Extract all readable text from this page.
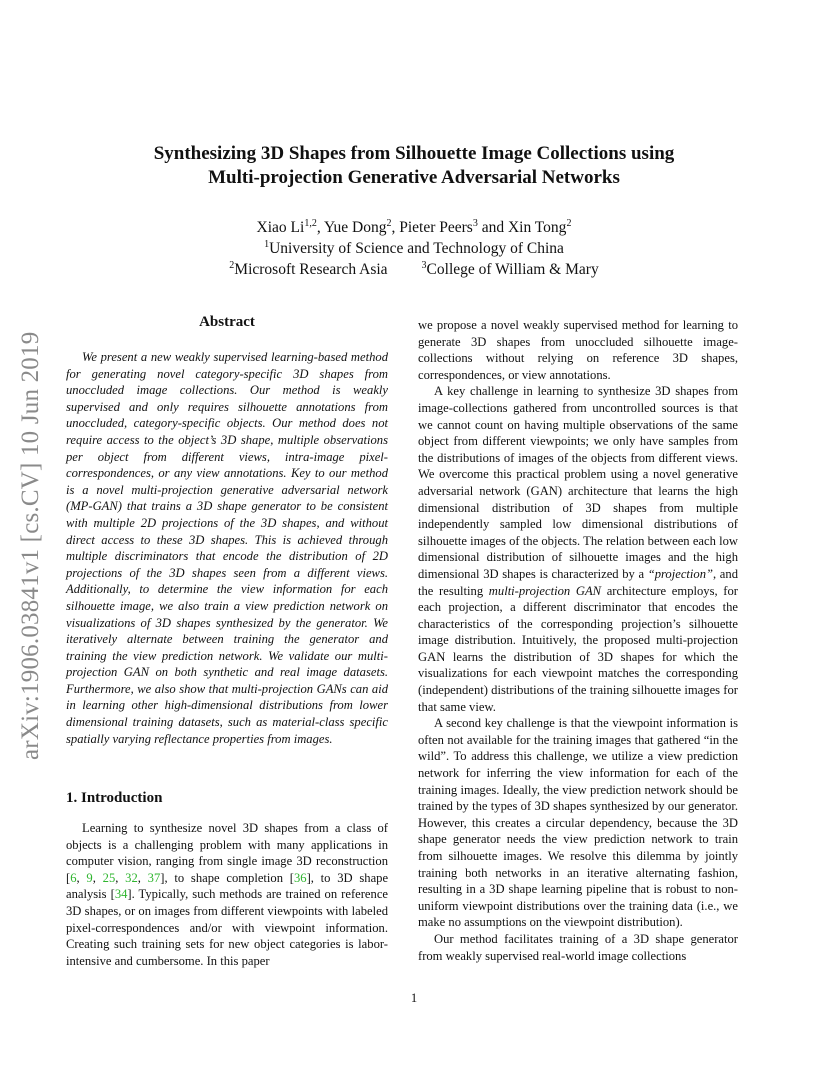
arXiv:1906.03841v1 [cs.CV] 10 Jun 2019
Synthesizing 3D Shapes from Silhouette Image Collections using
Multi-projection Generative Adversarial Networks
Xiao Li$^{1,2}$, Yue Dong$^2$, Pieter Peers$^3$ and Xin Tong$^2$
$^1$University of Science and Technology of China
$^2$Microsoft Research Asia	$^3$College of William & Mary
Abstract
We present a new weakly supervised learning-based method for generating novel category-specific 3D shapes from unoccluded image collections. Our method is weakly supervised and only requires silhouette annotations from unoccluded, category-specific objects. Our method does not require access to the object’s 3D shape, multiple observations per object from different views, intra-image pixel-correspondences, or any view annotations. Key to our method is a novel multi-projection generative adversarial network (MP-GAN) that trains a 3D shape generator to be consistent with multiple 2D projections of the 3D shapes, and without direct access to these 3D shapes. This is achieved through multiple discriminators that encode the distribution of 2D projections of the 3D shapes seen from a different views. Additionally, to determine the view information for each silhouette image, we also train a view prediction network on visualizations of 3D shapes synthesized by the generator. We iteratively alternate between training the generator and training the view prediction network. We validate our multi-projection GAN on both synthetic and real image datasets. Furthermore, we also show that multi-projection GANs can aid in learning other high-dimensional distributions from lower dimensional training datasets, such as material-class specific spatially varying reflectance properties from images.
1. Introduction
Learning to synthesize novel 3D shapes from a class of objects is a challenging problem with many applications in computer vision, ranging from single image 3D reconstruction [6, 9, 25, 32, 37], to shape completion [36], to 3D shape analysis [34]. Typically, such methods are trained on reference 3D shapes, or on images from different viewpoints with labeled pixel-correspondences and/or with viewpoint information. Creating such training sets for new object categories is labor-intensive and cumbersome. In this paper

we propose a novel weakly supervised method for learning to generate 3D shapes from unoccluded silhouette image-collections without relying on reference 3D shapes, correspondences, or view annotations.

A key challenge in learning to synthesize 3D shapes from image-collections gathered from uncontrolled sources is that we cannot count on having multiple observations of the same object from different viewpoints; we only have samples from the distributions of images of the objects from different views. We overcome this practical problem using a novel generative adversarial network (GAN) architecture that learns the high dimensional distribution of 3D shapes from multiple independently sampled low dimensional distributions of silhouette images of the objects. The relation between each low dimensional distribution of silhouette images and the high dimensional 3D shapes is characterized by a “projection”, and the resulting multi-projection GAN architecture employs, for each projection, a different discriminator that encodes the characteristics of the corresponding projection’s silhouette image distribution. Intuitively, the proposed multi-projection GAN learns the distribution of 3D shapes for which the visualizations for each viewpoint matches the corresponding (independent) distributions of the training silhouette images for that same view.

A second key challenge is that the viewpoint information is often not available for the training images that gathered “in the wild”. To address this challenge, we utilize a view prediction network for inferring the view information for each of the training images. Ideally, the view prediction network should be trained by the types of 3D shapes synthesized by our generator. However, this creates a circular dependency, because the 3D shape generator needs the view prediction network to train from silhouette images. We resolve this dilemma by jointly training both networks in an iterative alternating fashion, resulting in a 3D shape learning pipeline that is robust to non-uniform viewpoint distributions over the training data (i.e., we make no assumptions on the viewpoint distribution).

Our method facilitates training of a 3D shape generator from weakly supervised real-world image collections

1
